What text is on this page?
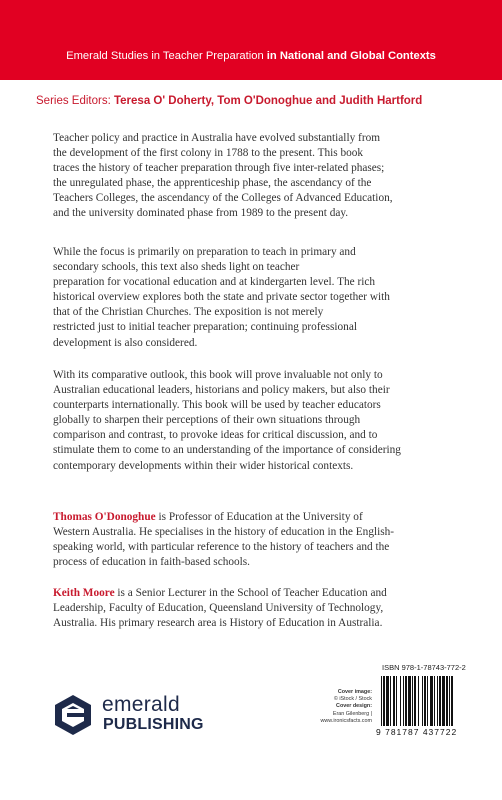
Emerald Studies in Teacher Preparation in National and Global Contexts
Series Editors: Teresa O' Doherty, Tom O'Donoghue and Judith Hartford
Teacher policy and practice in Australia have evolved substantially from
the development of the first colony in 1788 to the present. This book
traces the history of teacher preparation through five inter-related phases;
the unregulated phase, the apprenticeship phase, the ascendancy of the
Teachers Colleges, the ascendancy of the Colleges of Advanced Education,
and the university dominated phase from 1989 to the present day.
While the focus is primarily on preparation to teach in primary and
secondary schools, this text also sheds light on teacher
preparation for vocational education and at kindergarten level. The rich
historical overview explores both the state and private sector together with
that of the Christian Churches. The exposition is not merely
restricted just to initial teacher preparation; continuing professional
development is also considered.
With its comparative outlook, this book will prove invaluable not only to
Australian educational leaders, historians and policy makers, but also their
counterparts internationally. This book will be used by teacher educators
globally to sharpen their perceptions of their own situations through
comparison and contrast, to provoke ideas for critical discussion, and to
stimulate them to come to an understanding of the importance of considering
contemporary developments within their wider historical contexts.
Thomas O'Donoghue is Professor of Education at the University of
Western Australia. He specialises in the history of education in the English-
speaking world, with particular reference to the history of teachers and the
process of education in faith-based schools.
Keith Moore is a Senior Lecturer in the School of Teacher Education and
Leadership, Faculty of Education, Queensland University of Technology,
Australia. His primary research area is History of Education in Australia.
emerald
PUBLISHING
Cover image:
© iStock / Stock
Cover design:
Eran Gilenberg | www.ironicsfacts.com
ISBN 978-1-78743-772-2
9 781787 437722
